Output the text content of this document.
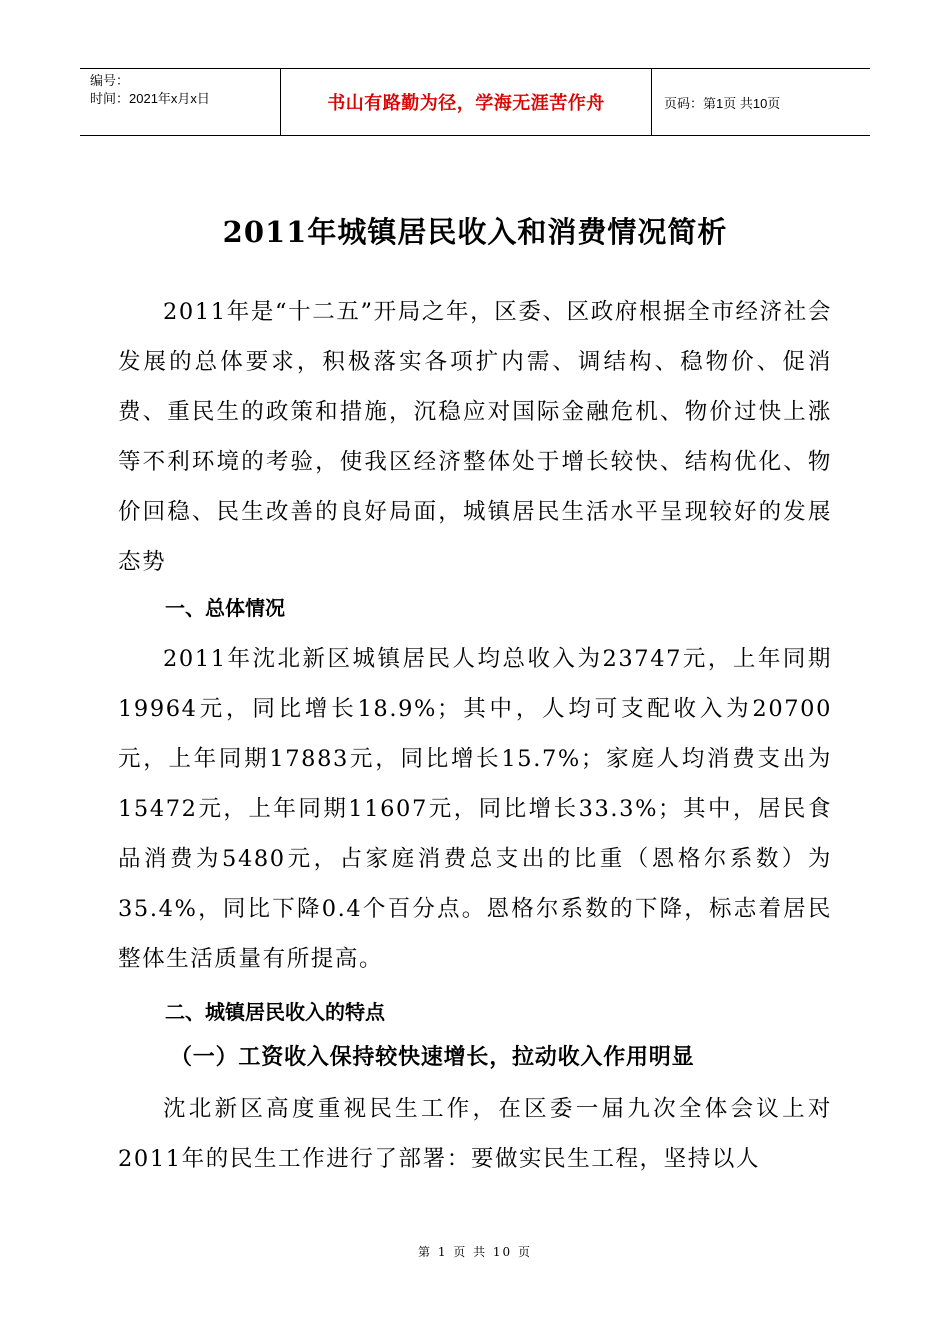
编号：
时间：2021年x月x日	书山有路勤为径，学海无涯苦作舟	页码：第1页 共10页
2011年城镇居民收入和消费情况简析

2011年是“十二五”开局之年，区委、区政府根据全市经济社会发展的总体要求，积极落实各项扩内需、调结构、稳物价、促消费、重民生的政策和措施，沉稳应对国际金融危机、物价过快上涨等不利环境的考验，使我区经济整体处于增长较快、结构优化、物价回稳、民生改善的良好局面，城镇居民生活水平呈现较好的发展态势

一、总体情况

2011年沈北新区城镇居民人均总收入为23747元，上年同期19964元，同比增长18.9%；其中，人均可支配收入为20700元，上年同期17883元，同比增长15.7%；家庭人均消费支出为15472元，上年同期11607元，同比增长33.3%；其中，居民食品消费为5480元，占家庭消费总支出的比重（恩格尔系数）为35.4%，同比下降0.4个百分点。恩格尔系数的下降，标志着居民整体生活质量有所提高。

二、城镇居民收入的特点
（一）工资收入保持较快速增长，拉动收入作用明显

沈北新区高度重视民生工作，在区委一届九次全体会议上对2011年的民生工作进行了部署：要做实民生工程，坚持以人

第 1 页 共 10 页
